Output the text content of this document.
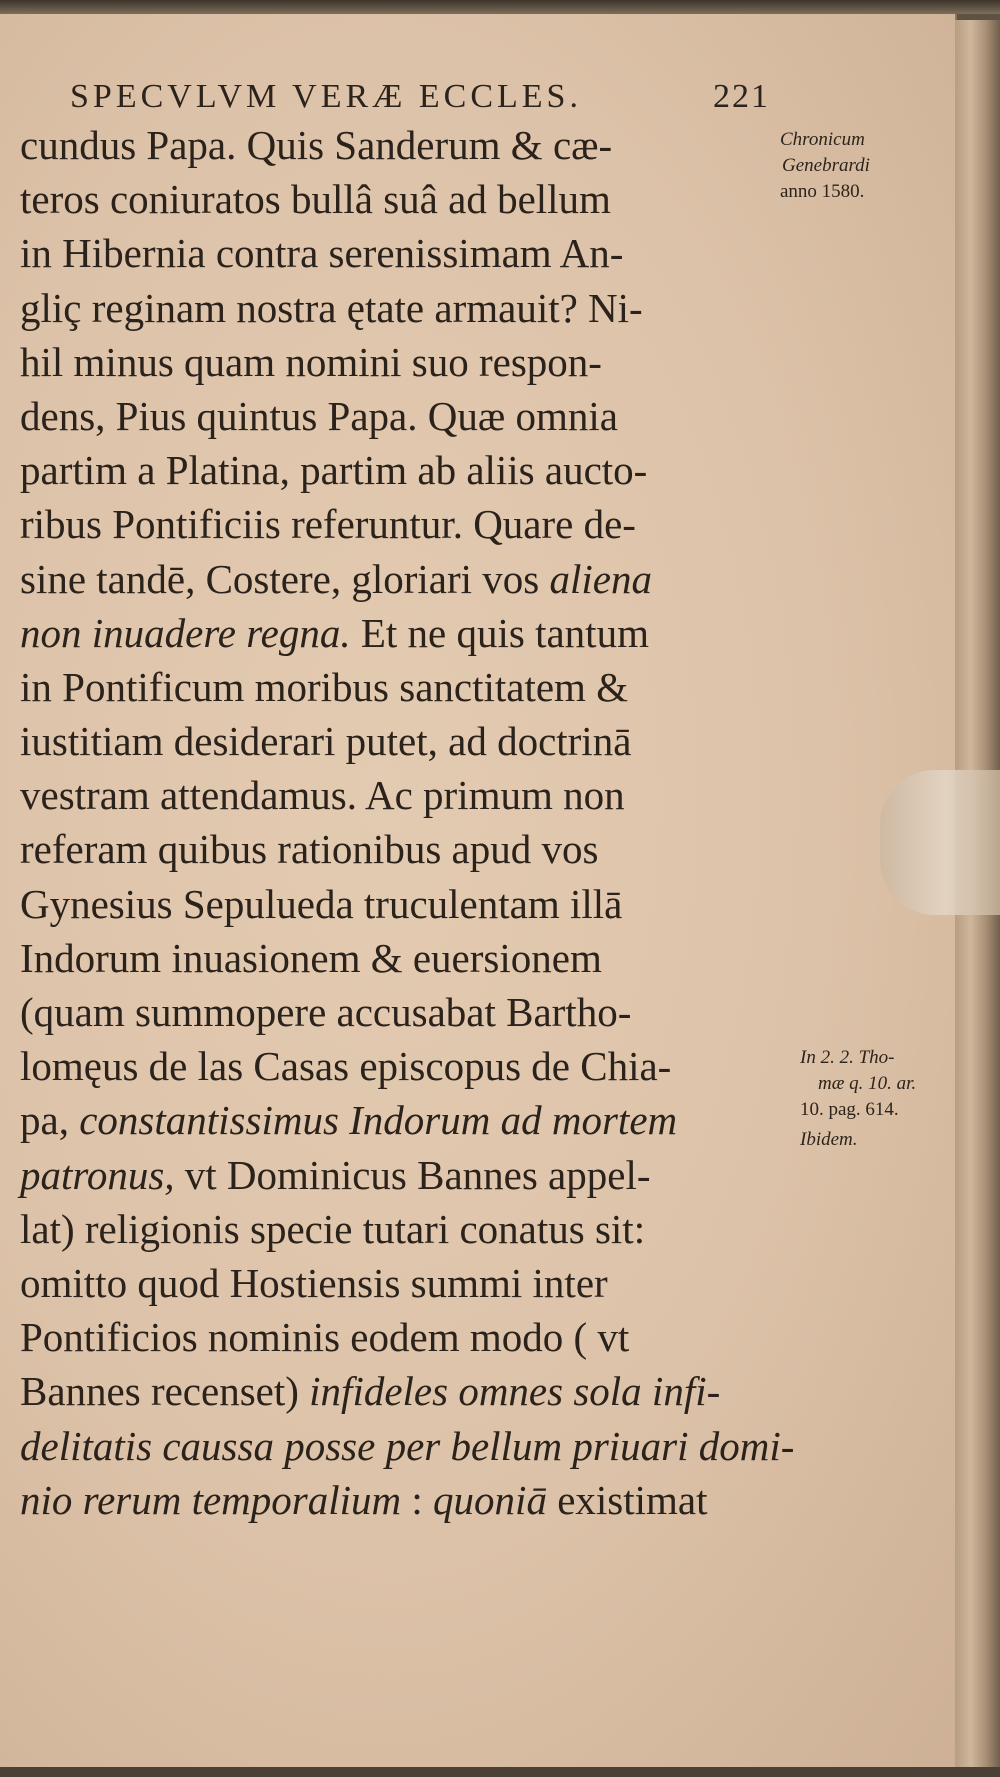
SPECVLVM VERÆ ECCLES.	221
cundus Papa. Quis Sanderum & cæ-
teros coniuratos bullâ suâ ad bellum
in Hibernia contra serenissimam An-
gliç reginam nostra ętate armauit? Ni-
hil minus quam nomini suo respon-
dens, Pius quintus Papa. Quæ omnia
partim a Platina, partim ab aliis aucto-
ribus Pontificiis referuntur. Quare de-
sine tandē, Costere, gloriari vos aliena
non inuadere regna. Et ne quis tantum
in Pontificum moribus sanctitatem &
iustitiam desiderari putet, ad doctrinā
vestram attendamus. Ac primum non
referam quibus rationibus apud vos
Gynesius Sepulueda truculentam illā
Indorum inuasionem & euersionem
(quam summopere accusabat Bartho-
lomęus de las Casas episcopus de Chia-
pa, constantissimus Indorum ad mortem
patronus, vt Dominicus Bannes appel-
lat) religionis specie tutari conatus sit:
omitto quod Hostiensis summi inter
Pontificios nominis eodem modo ( vt
Bannes recenset) infideles omnes sola infi-
delitatis caussa posse per bellum priuari domi-
nio rerum temporalium : quoniā existimat
Chronicum
Genebrardi
anno 1580.
In 2. 2. Tho-
mæ q. 10. ar.
10. pag. 614.
Ibidem.
